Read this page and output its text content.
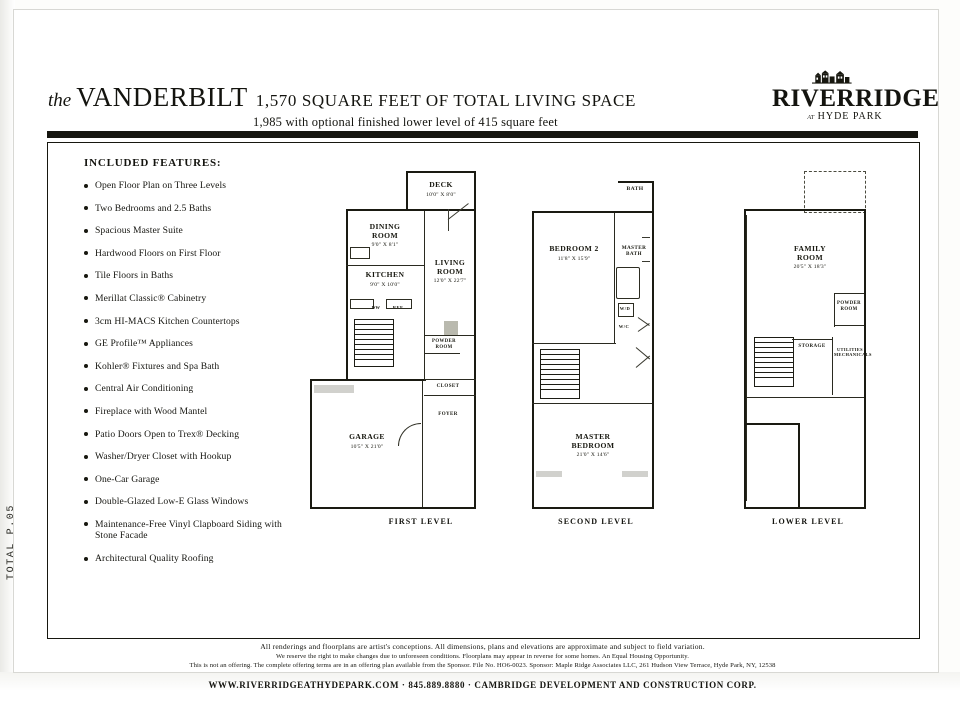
the VANDERBILT 1,570 SQUARE FEET OF TOTAL LIVING SPACE
1,985 with optional finished lower level of 415 square feet
RIVERRIDGE
at HYDE PARK
INCLUDED FEATURES:
Open Floor Plan on Three Levels
Two Bedrooms and 2.5 Baths
Spacious Master Suite
Hardwood Floors on First Floor
Tile Floors in Baths
Merillat Classic® Cabinetry
3cm HI-MACS Kitchen Countertops
GE Profile™ Appliances
Kohler® Fixtures and Spa Bath
Central Air Conditioning
Fireplace with Wood Mantel
Patio Doors Open to Trex® Decking
Washer/Dryer Closet with Hookup
One-Car Garage
Double-Glazed Low-E Glass Windows
Maintenance-Free Vinyl Clapboard Siding with Stone Facade
Architectural Quality Roofing
DECK
10'0" X 8'0"
DINING
ROOM
9'0" X 8'1"
LIVING
ROOM
12'0" X 22'7"
KITCHEN
9'0" X 10'0"
DW	REF
POWDER
ROOM
CLOSET
FOYER
GARAGE
10'5" X 21'0"
FIRST LEVEL
BATH
BEDROOM 2
11'8" X 15'9"
MASTER
BATH
W/D
W/C
MASTER
BEDROOM
21'0" X 14'6"
SECOND LEVEL
FAMILY
ROOM
20'5" X 18'3"
POWDER
ROOM
STORAGE
UTILITIES
MECHANICALS
LOWER LEVEL
All renderings and floorplans are artist's conceptions. All dimensions, plans and elevations are approximate and subject to field variation.
We reserve the right to make changes due to unforeseen conditions. Floorplans may appear in reverse for some homes. An Equal Housing Opportunity.
This is not an offering. The complete offering terms are in an offering plan available from the Sponsor. File No. HO6-0023. Sponsor: Maple Ridge Associates LLC, 261 Hudson View Terrace, Hyde Park, NY, 12538
WWW.RIVERRIDGEATHYDEPARK.COM · 845.889.8880 · CAMBRIDGE DEVELOPMENT AND CONSTRUCTION CORP.
TOTAL P.05
